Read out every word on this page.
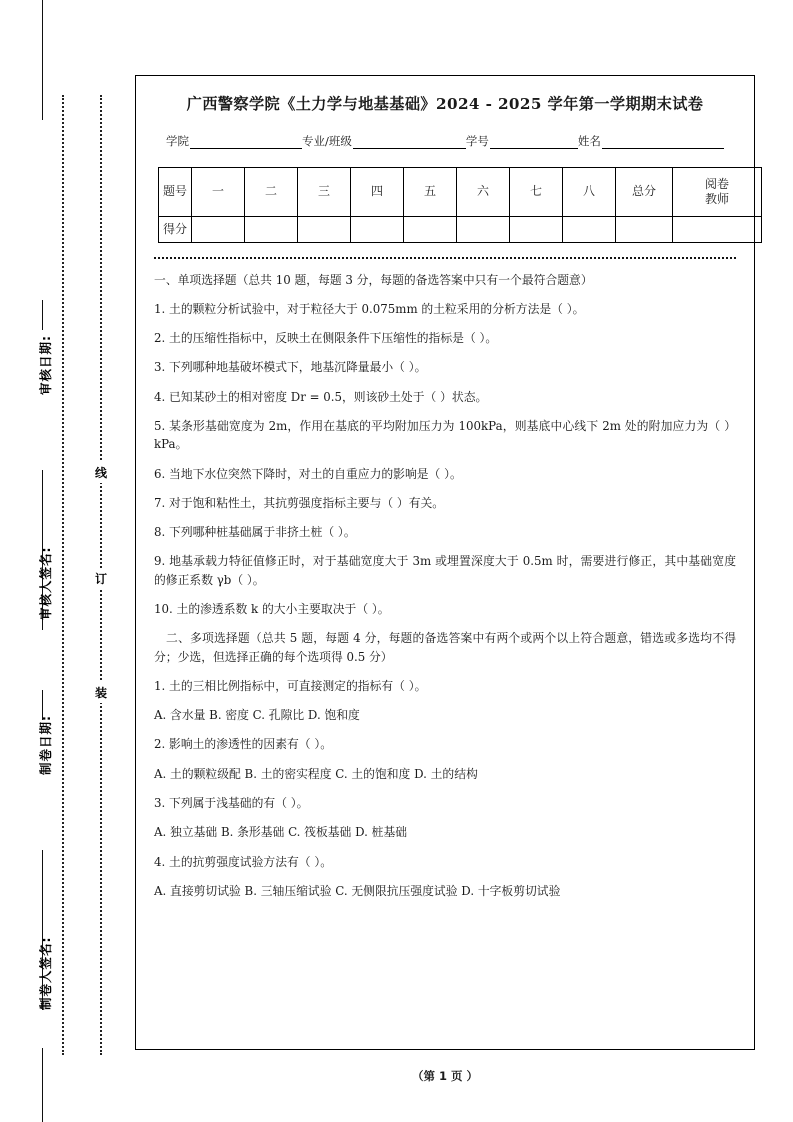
审核日期:
审核人签名:
制卷日期:
制卷人签名:
线
订
装
广西警察学院《土力学与地基基础》2024 - 2025 学年第一学期期末试卷
学院	专业/班级	学号	姓名
题号	一	二	三	四	五	六	七	八	总分	阅卷
教师

得分										
一、单项选择题（总共 10 题，每题 3 分，每题的备选答案中只有一个最符合题意）
1. 土的颗粒分析试验中，对于粒径大于 0.075mm 的土粒采用的分析方法是（ ）。
2. 土的压缩性指标中，反映土在侧限条件下压缩性的指标是（ ）。
3. 下列哪种地基破坏模式下，地基沉降量最小（ ）。
4. 已知某砂土的相对密度 Dr = 0.5，则该砂土处于（ ）状态。
5. 某条形基础宽度为 2m，作用在基底的平均附加压力为 100kPa，则基底中心线下 2m 处的附加应力为（ ）kPa。
6. 当地下水位突然下降时，对土的自重应力的影响是（ ）。
7. 对于饱和粘性土，其抗剪强度指标主要与（ ）有关。
8. 下列哪种桩基础属于非挤土桩（ ）。
9. 地基承载力特征值修正时，对于基础宽度大于 3m 或埋置深度大于 0.5m 时，需要进行修正，其中基础宽度的修正系数 γb（ ）。
10. 土的渗透系数 k 的大小主要取决于（ ）。
二、多项选择题（总共 5 题，每题 4 分，每题的备选答案中有两个或两个以上符合题意，错选或多选均不得分；少选，但选择正确的每个选项得 0.5 分）
1. 土的三相比例指标中，可直接测定的指标有（ ）。
A. 含水量 B. 密度 C. 孔隙比 D. 饱和度
2. 影响土的渗透性的因素有（ ）。
A. 土的颗粒级配 B. 土的密实程度 C. 土的饱和度 D. 土的结构
3. 下列属于浅基础的有（ ）。
A. 独立基础 B. 条形基础 C. 筏板基础 D. 桩基础
4. 土的抗剪强度试验方法有（ ）。
A. 直接剪切试验 B. 三轴压缩试验 C. 无侧限抗压强度试验 D. 十字板剪切试验
（第 1 页 ）
